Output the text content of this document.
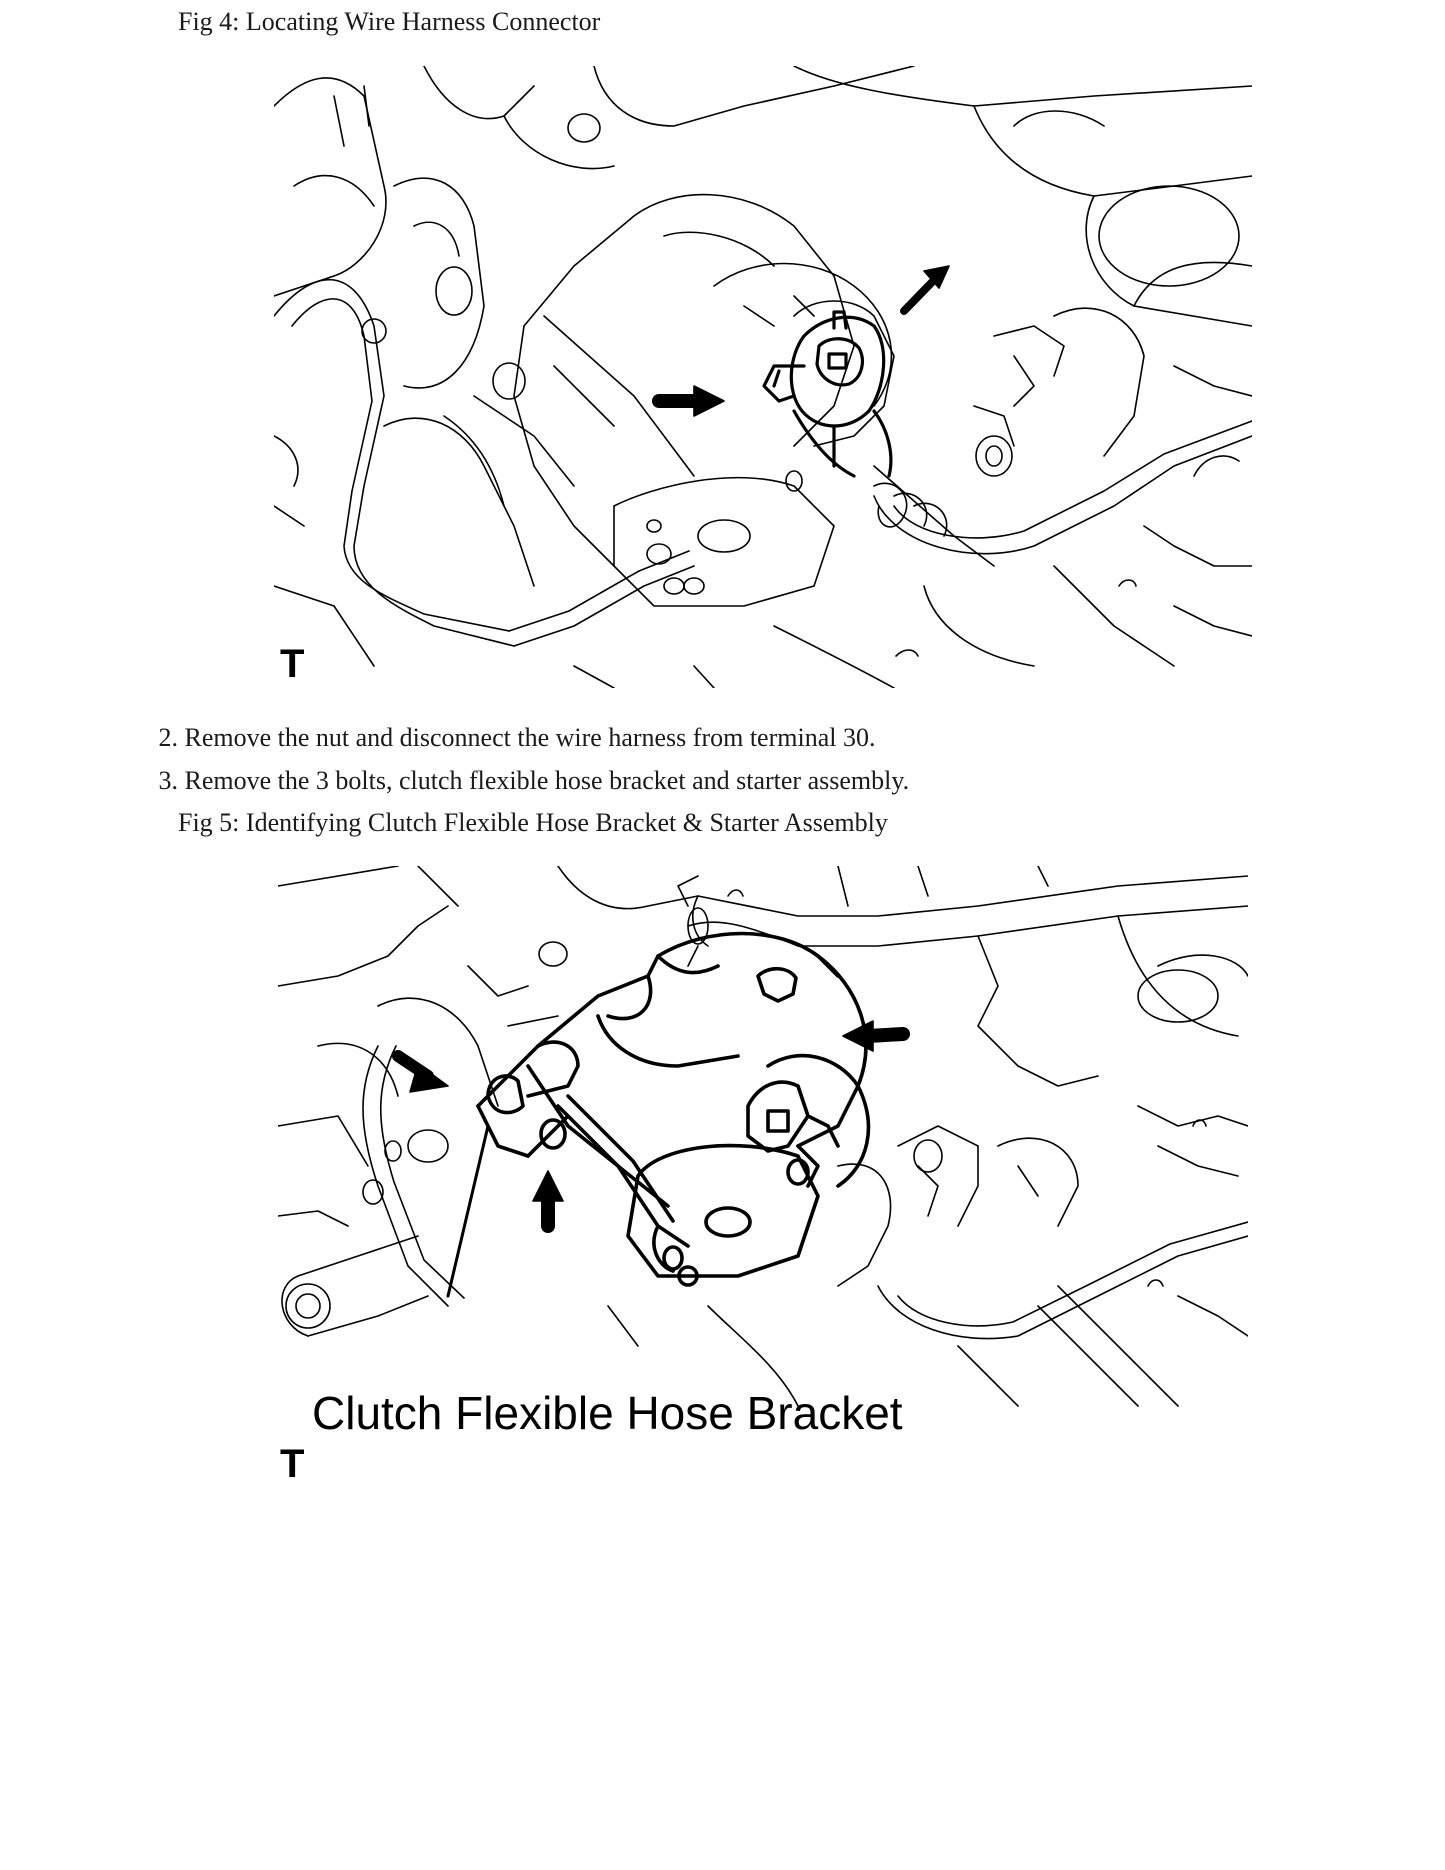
Fig 4: Locating Wire Harness Connector
T
2. Remove the nut and disconnect the wire harness from terminal 30.
3. Remove the 3 bolts, clutch flexible hose bracket and starter assembly.
Fig 5: Identifying Clutch Flexible Hose Bracket & Starter Assembly
Clutch Flexible Hose Bracket
T
